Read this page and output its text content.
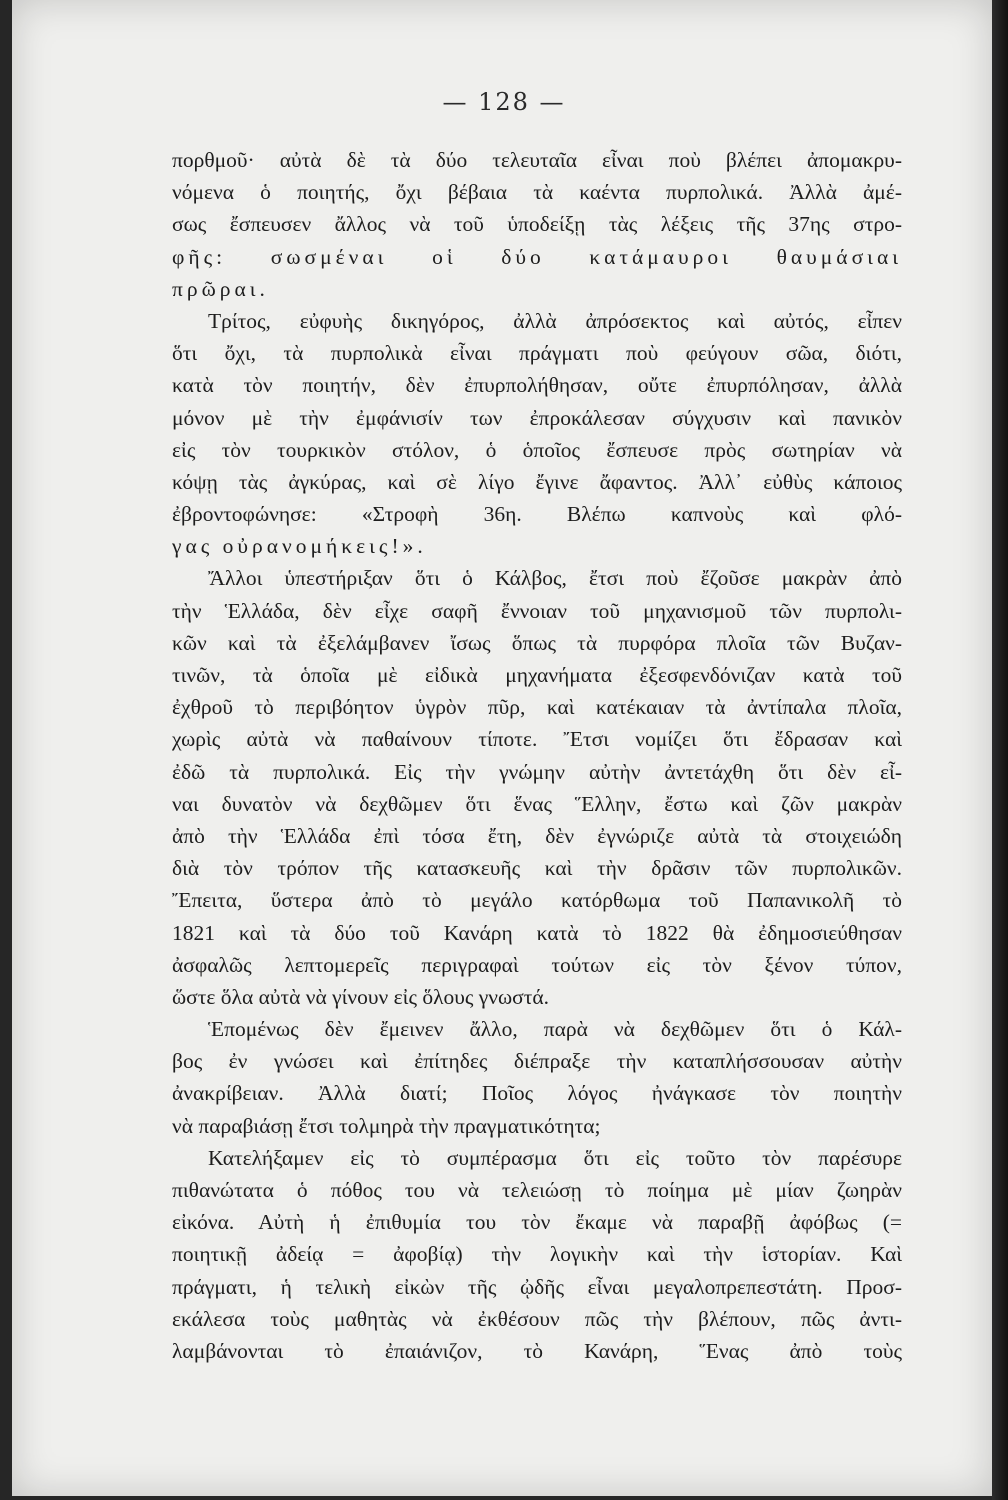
— 128 —
πορθμοῦ· αὐτὰ δὲ τὰ δύο τελευταῖα εἶναι ποὺ βλέπει ἀπομακρυ-
νόμενα ὁ ποιητής, ὄχι βέβαια τὰ καέντα πυρπολικά. Ἀλλὰ ἀμέ-
σως ἔσπευσεν ἄλλος νὰ τοῦ ὑποδείξῃ τὰς λέξεις τῆς 37ης στρο-
φῆς: σωσμέναι οἱ δύο κατάμαυροι θαυμάσιαι
πρῶραι.
Τρίτος, εὐφυὴς δικηγόρος, ἀλλὰ ἀπρόσεκτος καὶ αὐτός, εἶπεν
ὅτι ὄχι, τὰ πυρπολικὰ εἶναι πράγματι ποὺ φεύγουν σῶα, διότι,
κατὰ τὸν ποιητήν, δὲν ἐπυρπολήθησαν, οὔτε ἐπυρπόλησαν, ἀλλὰ
μόνον μὲ τὴν ἐμφάνισίν των ἐπροκάλεσαν σύγχυσιν καὶ πανικὸν
εἰς τὸν τουρκικὸν στόλον, ὁ ὁποῖος ἔσπευσε πρὸς σωτηρίαν νὰ
κόψῃ τὰς ἀγκύρας, καὶ σὲ λίγο ἔγινε ἄφαντος. Ἀλλ᾽ εὐθὺς κάποιος
ἐβροντοφώνησε: «Στροφὴ 36η. Βλέπω καπνοὺς καὶ φλό-
γας οὐρανομήκεις!».
Ἄλλοι ὑπεστήριξαν ὅτι ὁ Κάλβος, ἔτσι ποὺ ἔζοῦσε μακρὰν ἀπὸ
τὴν Ἑλλάδα, δὲν εἶχε σαφῆ ἔννοιαν τοῦ μηχανισμοῦ τῶν πυρπολι-
κῶν καὶ τὰ ἐξελάμβανεν ἴσως ὅπως τὰ πυρφόρα πλοῖα τῶν Βυζαν-
τινῶν, τὰ ὁποῖα μὲ εἰδικὰ μηχανήματα ἐξεσφενδόνιζαν κατὰ τοῦ
ἐχθροῦ τὸ περιβόητον ὑγρὸν πῦρ, καὶ κατέκαιαν τὰ ἀντίπαλα πλοῖα,
χωρὶς αὐτὰ νὰ παθαίνουν τίποτε. Ἔτσι νομίζει ὅτι ἔδρασαν καὶ
ἐδῶ τὰ πυρπολικά. Εἰς τὴν γνώμην αὐτὴν ἀντετάχθη ὅτι δὲν εἶ-
ναι δυνατὸν νὰ δεχθῶμεν ὅτι ἕνας Ἕλλην, ἔστω καὶ ζῶν μακρὰν
ἀπὸ τὴν Ἑλλάδα ἐπὶ τόσα ἔτη, δὲν ἐγνώριζε αὐτὰ τὰ στοιχειώδη
διὰ τὸν τρόπον τῆς κατασκευῆς καὶ τὴν δρᾶσιν τῶν πυρπολικῶν.
Ἔπειτα, ὕστερα ἀπὸ τὸ μεγάλο κατόρθωμα τοῦ Παπανικολῆ τὸ
1821 καὶ τὰ δύο τοῦ Κανάρη κατὰ τὸ 1822 θὰ ἐδημοσιεύθησαν
ἀσφαλῶς λεπτομερεῖς περιγραφαὶ τούτων εἰς τὸν ξένον τύπον,
ὥστε ὅλα αὐτὰ νὰ γίνουν εἰς ὅλους γνωστά.
Ἑπομένως δὲν ἔμεινεν ἄλλο, παρὰ νὰ δεχθῶμεν ὅτι ὁ Κάλ-
βος ἐν γνώσει καὶ ἐπίτηδες διέπραξε τὴν καταπλήσσουσαν αὐτὴν
ἀνακρίβειαν. Ἀλλὰ διατί; Ποῖος λόγος ἠνάγκασε τὸν ποιητὴν
νὰ παραβιάσῃ ἔτσι τολμηρὰ τὴν πραγματικότητα;
Κατελήξαμεν εἰς τὸ συμπέρασμα ὅτι εἰς τοῦτο τὸν παρέσυρε
πιθανώτατα ὁ πόθος του νὰ τελειώσῃ τὸ ποίημα μὲ μίαν ζωηρὰν
εἰκόνα. Αὐτὴ ἡ ἐπιθυμία του τὸν ἔκαμε νὰ παραβῇ ἀφόβως (=
ποιητικῇ ἀδείᾳ = ἀφοβίᾳ) τὴν λογικὴν καὶ τὴν ἱστορίαν. Καὶ
πράγματι, ἡ τελικὴ εἰκὼν τῆς ᾠδῆς εἶναι μεγαλοπρεπεστάτη. Προσ-
εκάλεσα τοὺς μαθητὰς νὰ ἐκθέσουν πῶς τὴν βλέπουν, πῶς ἀντι-
λαμβάνονται τὸ ἐπαιάνιζον, τὸ Κανάρη, Ἕνας ἀπὸ τοὺς
